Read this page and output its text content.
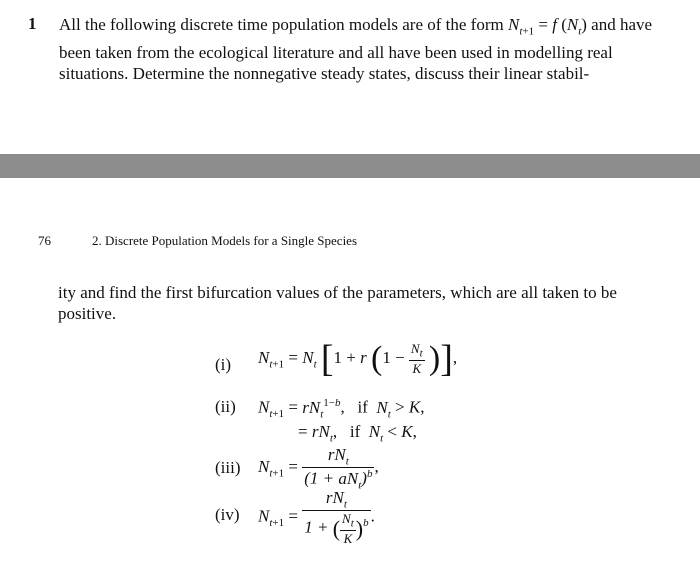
1 All the following discrete time population models are of the form $N_{t+1} = f$ $(N_t)$ and have been taken from the ecological literature and all have been used in modelling real situations. Determine the nonnegative steady states, discuss their linear stabil-
76	2. Discrete Population Models for a Single Species
ity and find the first bifurcation values of the parameters, which are all taken to be positive.
(i) $N_{t+1} = N_t$ [1 + r ($1 - \frac{N_t}{K}$ )],
(ii) $N_{t+1} = rN_t^{1-b}$,   if $N_t > K$,
= $rN_t$,   if $N_t < K$,
(iii) $N_{t+1} = \frac{rN_t}{(1 + aN_t)^b}$ ,
(iv) $N_{t+1} = \frac{rN_t}{1 + ( \frac{N_t}{K} )^b}$ .
